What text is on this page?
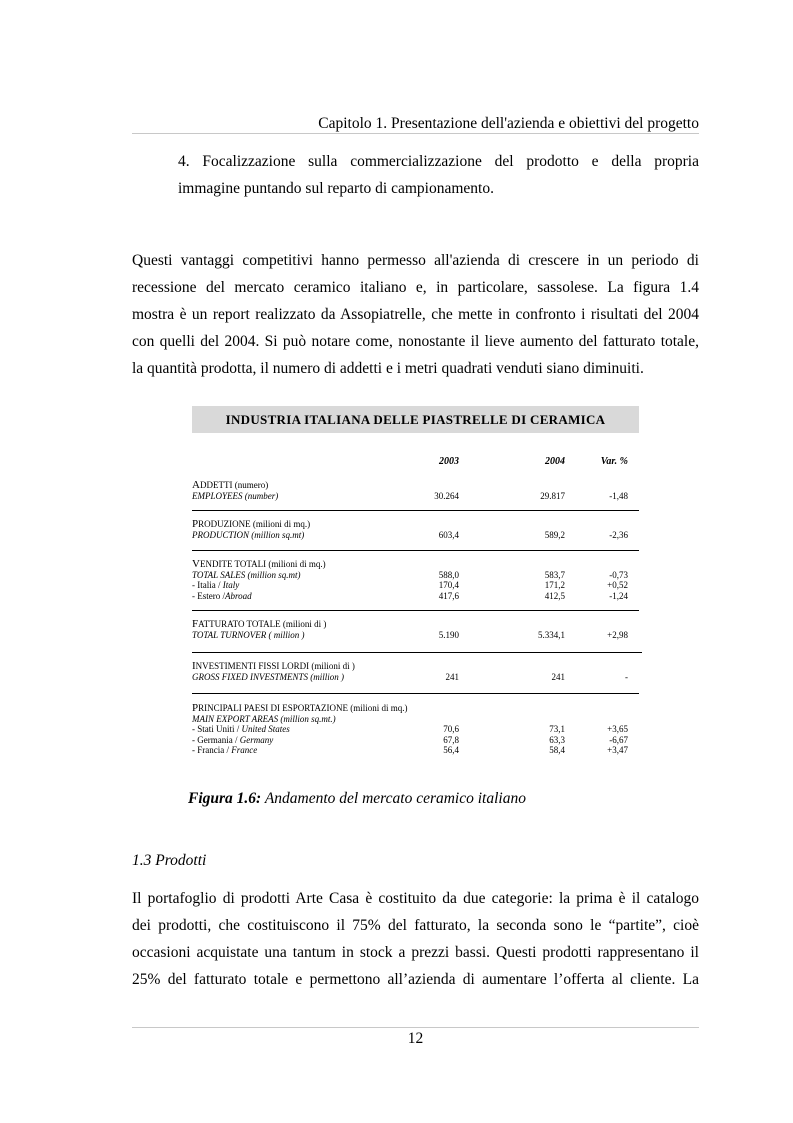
Capitolo 1. Presentazione dell'azienda e obiettivi del progetto
4. Focalizzazione sulla commercializzazione del prodotto e della propria
immagine puntando sul reparto di campionamento.
Questi vantaggi competitivi hanno permesso all'azienda di crescere in un periodo di
recessione del mercato ceramico italiano e, in particolare, sassolese. La figura 1.4
mostra è un report realizzato da Assopiatrelle, che mette in confronto i risultati del 2004
con quelli del 2004. Si può notare come, nonostante il lieve aumento del fatturato totale,
la quantità prodotta, il numero di addetti e i metri quadrati venduti siano diminuiti.
INDUSTRIA ITALIANA DELLE PIASTRELLE DI CERAMICA
2003	2004	Var. %
ADDETTI (numero)
EMPLOYEES (number)	30.264	29.817	-1,48
PRODUZIONE (milioni di mq.)
PRODUCTION (million sq.mt)	603,4	589,2	-2,36
VENDITE TOTALI (milioni di mq.)
TOTAL SALES (million sq.mt)	588,0	583,7	-0,73
- Italia / Italy	170,4	171,2	+0,52
- Estero /Abroad	417,6	412,5	-1,24
FATTURATO TOTALE (milioni di )
TOTAL TURNOVER ( million )	5.190	5.334,1	+2,98
INVESTIMENTI FISSI LORDI (milioni di )
GROSS FIXED INVESTMENTS (million )	241	241	-
PRINCIPALI PAESI DI ESPORTAZIONE (milioni di mq.)
MAIN EXPORT AREAS (million sq.mt.)
- Stati Uniti / United States	70,6	73,1	+3,65
- Germania / Germany	67,8	63,3	-6,67
- Francia / France	56,4	58,4	+3,47
Figura 1.6: Andamento del mercato ceramico italiano
1.3 Prodotti
Il portafoglio di prodotti Arte Casa è costituito da due categorie: la prima è il catalogo
dei prodotti, che costituiscono il 75% del fatturato, la seconda sono le “partite”, cioè
occasioni acquistate una tantum in stock a prezzi bassi. Questi prodotti rappresentano il
25% del fatturato totale e permettono all’azienda di aumentare l’offerta al cliente. La
12
